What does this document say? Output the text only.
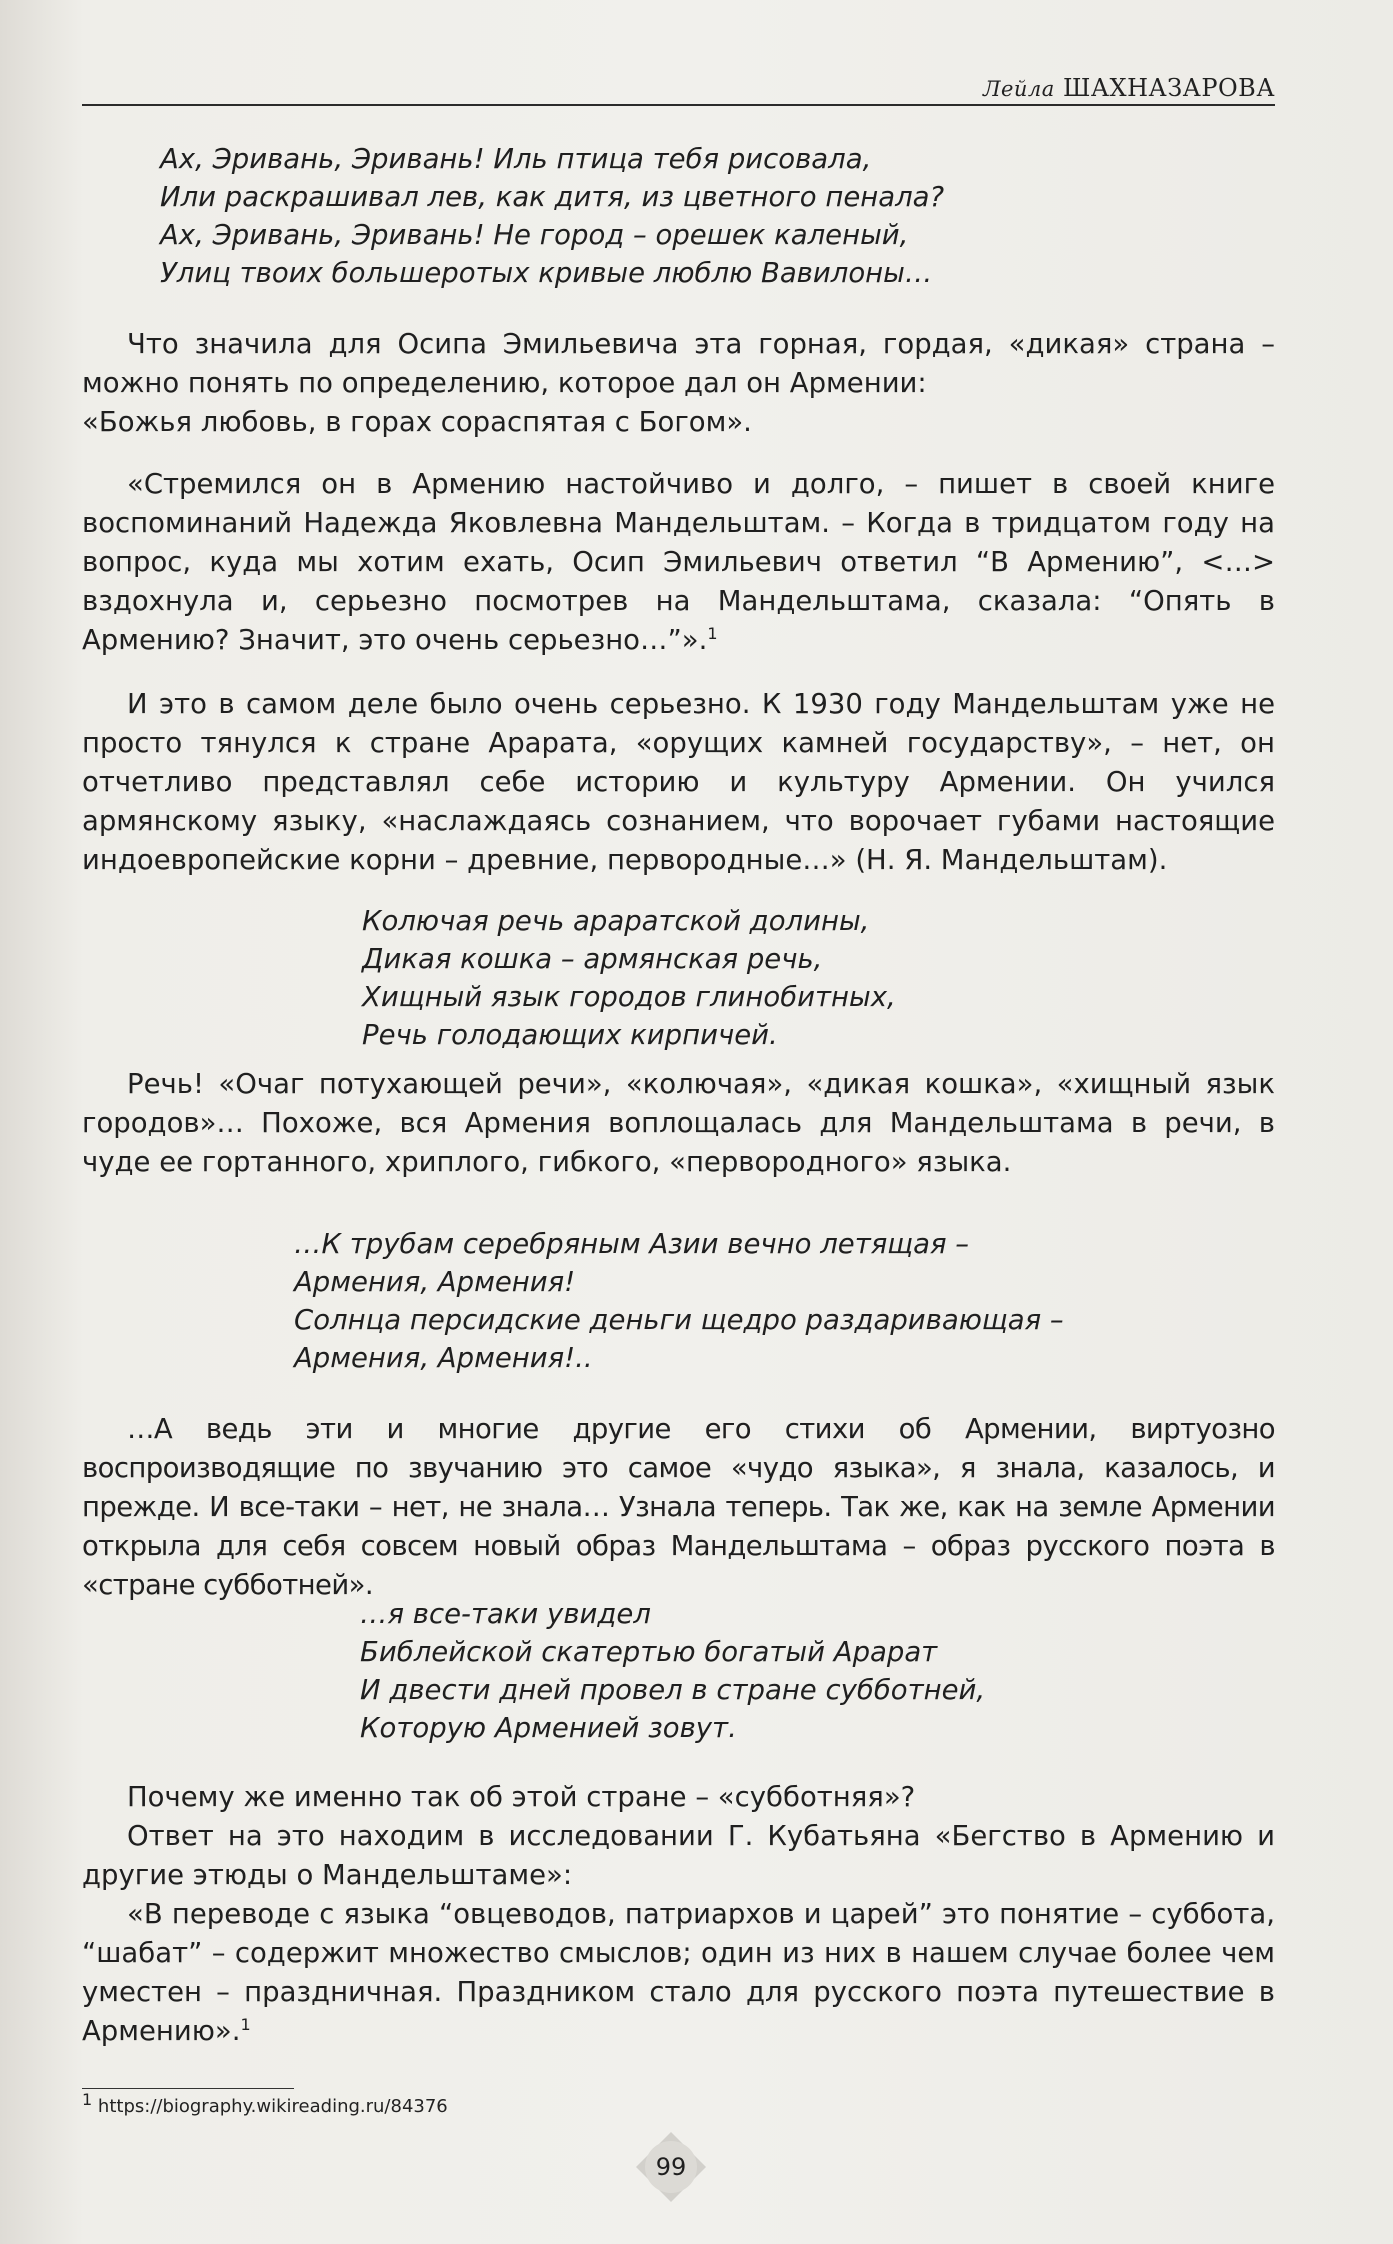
Лейла ШАХНАЗАРОВА
Ах, Эривань, Эривань! Иль птица тебя рисовала,
Или раскрашивал лев, как дитя, из цветного пенала?
Ах, Эривань, Эривань! Не город – орешек каленый,
Улиц твоих большеротых кривые люблю Вавилоны…

Что значила для Осипа Эмильевича эта горная, гордая, «дикая» страна – можно понять по определению, которое дал он Армении:

«Божья любовь, в горах сораспятая с Богом».

«Стремился он в Армению настойчиво и долго, – пишет в своей книге воспоминаний Надежда Яковлевна Мандельштам. – Когда в тридцатом году на вопрос, куда мы хотим ехать, Осип Эмильевич ответил “В Армению”, <…> вздохнула и, серьезно посмотрев на Мандельштама, сказала: “Опять в Армению? Значит, это очень серьезно…”».$^1$

И это в самом деле было очень серьезно. К 1930 году Мандельштам уже не просто тянулся к стране Арарата, «орущих камней государству», – нет, он отчетливо представлял себе историю и культуру Армении. Он учился армянскому языку, «наслаждаясь сознанием, что ворочает губами настоящие индоевропейские корни – древние, первородные…» (Н. Я. Мандельштам).

Колючая речь араратской долины,
Дикая кошка – армянская речь,
Хищный язык городов глинобитных,
Речь голодающих кирпичей.

Речь! «Очаг потухающей речи», «колючая», «дикая кошка», «хищный язык городов»… Похоже, вся Армения воплощалась для Мандельштама в речи, в чуде ее гортанного, хриплого, гибкого, «первородного» языка.

…К трубам серебряным Азии вечно летящая –
Армения, Армения!
Солнца персидские деньги щедро раздаривающая –
Армения, Армения!..

…А ведь эти и многие другие его стихи об Армении, виртуозно воспроизводящие по звучанию это самое «чудо языка», я знала, казалось, и прежде. И все-таки – нет, не знала… Узнала теперь. Так же, как на земле Армении открыла для себя совсем новый образ Мандельштама – образ русского поэта в «стране субботней».

…я все-таки увидел
Библейской скатертью богатый Арарат
И двести дней провел в стране субботней,
Которую Арменией зовут.

Почему же именно так об этой стране – «субботняя»?

Ответ на это находим в исследовании Г. Кубатьяна «Бегство в Армению и другие этюды о Мандельштаме»:

«В переводе с языка “овцеводов, патриархов и царей” это понятие – суббота, “шабат” – содержит множество смыслов; один из них в нашем случае более чем уместен – праздничная. Праздником стало для русского поэта путешествие в Армению».$^1$

$^1$ https://biography.wikireading.ru/84376
99
